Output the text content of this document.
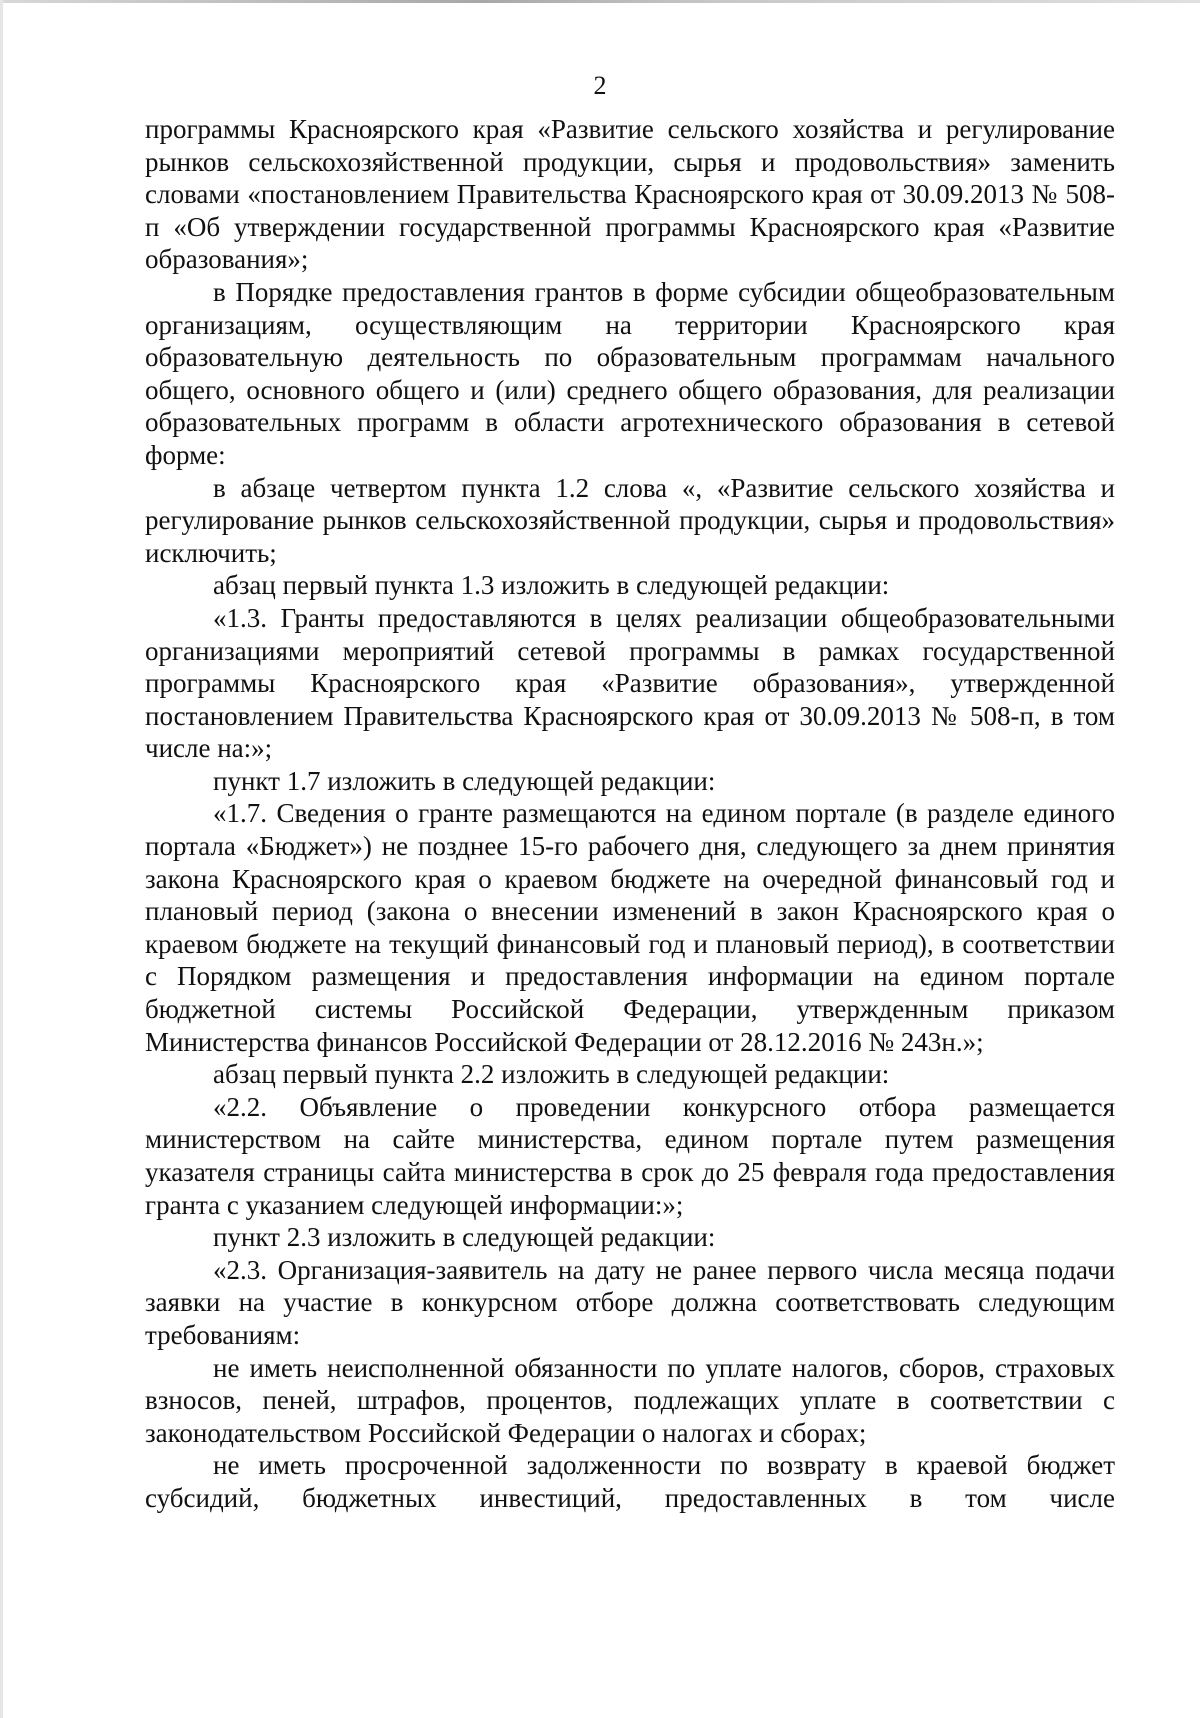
2

программы Красноярского края «Развитие сельского хозяйства и регулирование рынков сельскохозяйственной продукции, сырья и продовольствия» заменить словами «постановлением Правительства Красноярского края от 30.09.2013 № 508-п «Об утверждении государственной программы Красноярского края «Развитие образования»;

в Порядке предоставления грантов в форме субсидии общеобразовательным организациям, осуществляющим на территории Красноярского края образовательную деятельность по образовательным программам начального общего, основного общего и (или) среднего общего образования, для реализации образовательных программ в области агротехнического образования в сетевой форме:

в абзаце четвертом пункта 1.2 слова «, «Развитие сельского хозяйства и регулирование рынков сельскохозяйственной продукции, сырья и продовольствия» исключить;

абзац первый пункта 1.3 изложить в следующей редакции:

«1.3. Гранты предоставляются в целях реализации общеобразовательными организациями мероприятий сетевой программы в рамках государственной программы Красноярского края «Развитие образования», утвержденной постановлением Правительства Красноярского края от 30.09.2013 № 508-п, в том числе на:»;

пункт 1.7 изложить в следующей редакции:

«1.7. Сведения о гранте размещаются на едином портале (в разделе единого портала «Бюджет») не позднее 15-го рабочего дня, следующего за днем принятия закона Красноярского края о краевом бюджете на очередной финансовый год и плановый период (закона о внесении изменений в закон Красноярского края о краевом бюджете на текущий финансовый год и плановый период), в соответствии с Порядком размещения и предоставления информации на едином портале бюджетной системы Российской Федерации, утвержденным приказом Министерства финансов Российской Федерации от 28.12.2016 № 243н.»;

абзац первый пункта 2.2 изложить в следующей редакции:

«2.2. Объявление о проведении конкурсного отбора размещается министерством на сайте министерства, едином портале путем размещения указателя страницы сайта министерства в срок до 25 февраля года предоставления гранта с указанием следующей информации:»;

пункт 2.3 изложить в следующей редакции:

«2.3. Организация-заявитель на дату не ранее первого числа месяца подачи заявки на участие в конкурсном отборе должна соответствовать следующим требованиям:

не иметь неисполненной обязанности по уплате налогов, сборов, страховых взносов, пеней, штрафов, процентов, подлежащих уплате в соответствии с законодательством Российской Федерации о налогах и сборах;

не иметь просроченной задолженности по возврату в краевой бюджет субсидий, бюджетных инвестиций, предоставленных в том числе
